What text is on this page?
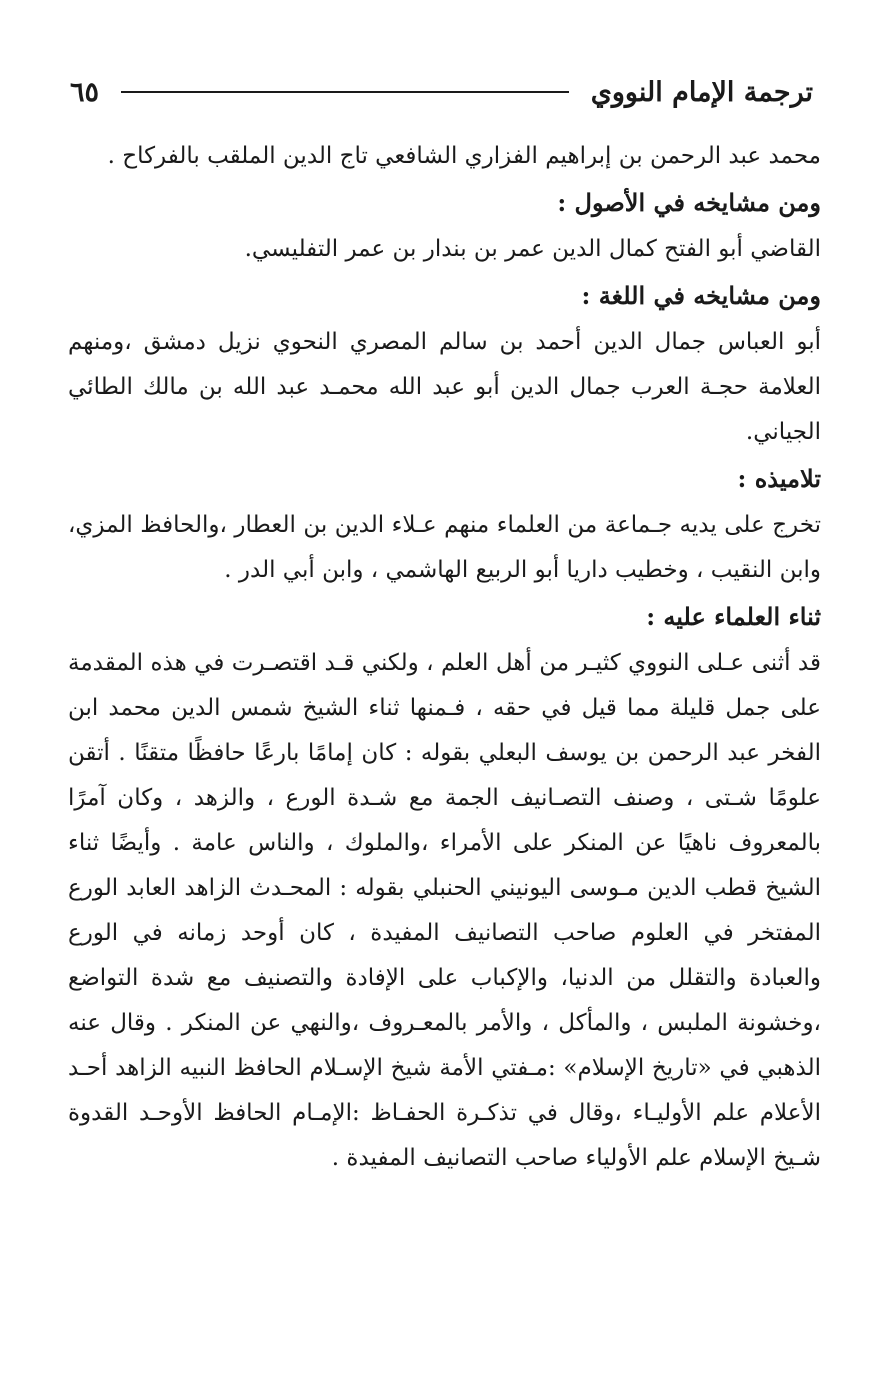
ترجمة الإمام النووي
٦٥

محمد عبد الرحمن بن إبراهيم الفزاري الشافعي تاج الدين الملقب بالفركاح .

ومن مشايخه في الأصول :

القاضي أبو الفتح كمال الدين عمر بن بندار بن عمر التفليسي.

ومن مشايخه في اللغة :

أبو العباس جمال الدين أحمد بن سالم المصري النحوي نزيل دمشق ،ومنهم العلامة حجـة العرب جمال الدين أبو عبد الله محمـد عبد الله بن مالك الطائي الجياني.

تلاميذه :

تخرج على يديه جـماعة من العلماء منهم عـلاء الدين بن العطار ،والحافظ المزي، وابن النقيب ، وخطيب داريا أبو الربيع الهاشمي ، وابن أبي الدر .

ثناء العلماء عليه :

قد أثنى عـلى النووي كثيـر من أهل العلم ، ولكني قـد اقتصـرت في هذه المقدمة على جمل قليلة مما قيل في حقه ، فـمنها ثناء الشيخ شمس الدين محمد ابن الفخر عبد الرحمن بن يوسف البعلي بقوله : كان إمامًا بارعًا حافظًا متقنًا . أتقن علومًا شـتى ، وصنف التصـانيف الجمة مع شـدة الورع ، والزهد ، وكان آمرًا بالمعروف ناهيًا عن المنكر على الأمراء ،والملوك ، والناس عامة . وأيضًا ثناء الشيخ قطب الدين مـوسى اليونيني الحنبلي بقوله : المحـدث الزاهد العابد الورع المفتخر في العلوم صاحب التصانيف المفيدة ، كان أوحد زمانه في الورع والعبادة والتقلل من الدنيا، والإكباب على الإفادة والتصنيف مع شدة التواضع ،وخشونة الملبس ، والمأكل ، والأمر بالمعـروف ،والنهي عن المنكر . وقال عنه الذهبي في «تاريخ الإسلام» :مـفتي الأمة شيخ الإسـلام الحافظ النبيه الزاهد أحـد الأعلام علم الأوليـاء ،وقال في تذكـرة الحفـاظ :الإمـام الحافظ الأوحـد القدوة شـيخ الإسلام علم الأولياء صاحب التصانيف المفيدة .
